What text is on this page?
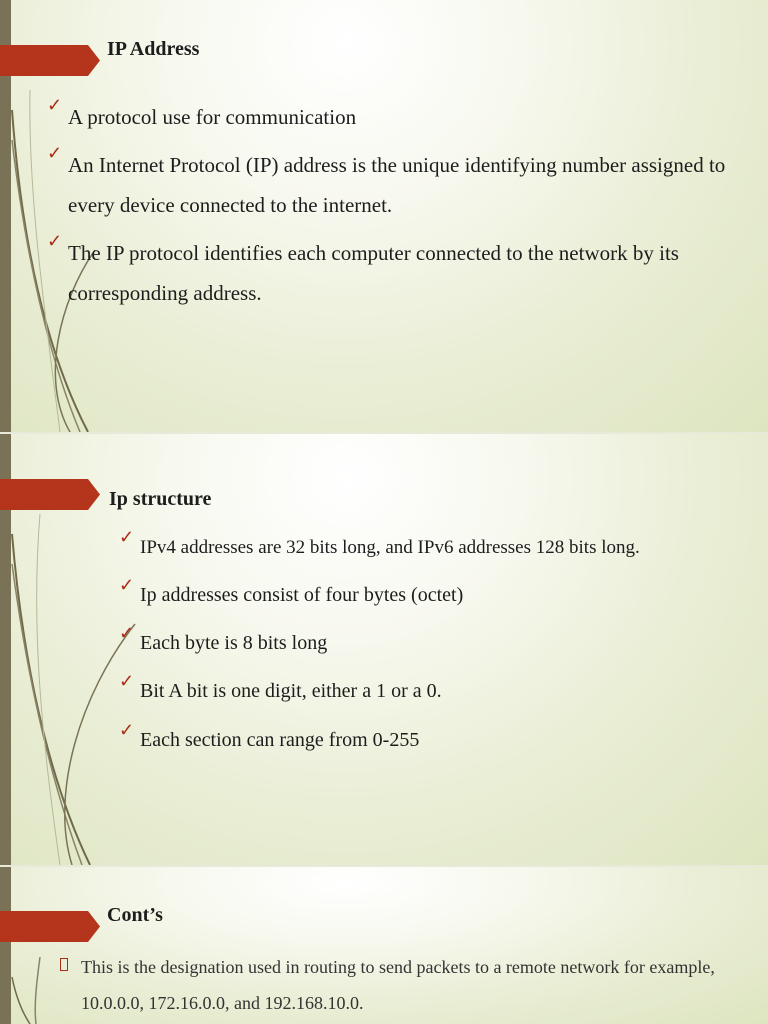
IP Address
✓ A protocol use for communication
✓ An Internet Protocol (IP) address is the unique identifying number assigned to every device connected to the internet.
✓ The IP protocol identifies each computer connected to the network by its corresponding address.
Ip structure
✓ IPv4 addresses are 32 bits long, and IPv6 addresses 128 bits long.
✓ Ip addresses consist of four bytes (octet)
✓ Each byte is 8 bits long
✓ Bit A bit is one digit, either a 1 or a 0.
✓ Each section can range from 0-255
Cont’s
This is the designation used in routing to send packets to a remote network for example, 10.0.0.0, 172.16.0.0, and 192.168.10.0.
